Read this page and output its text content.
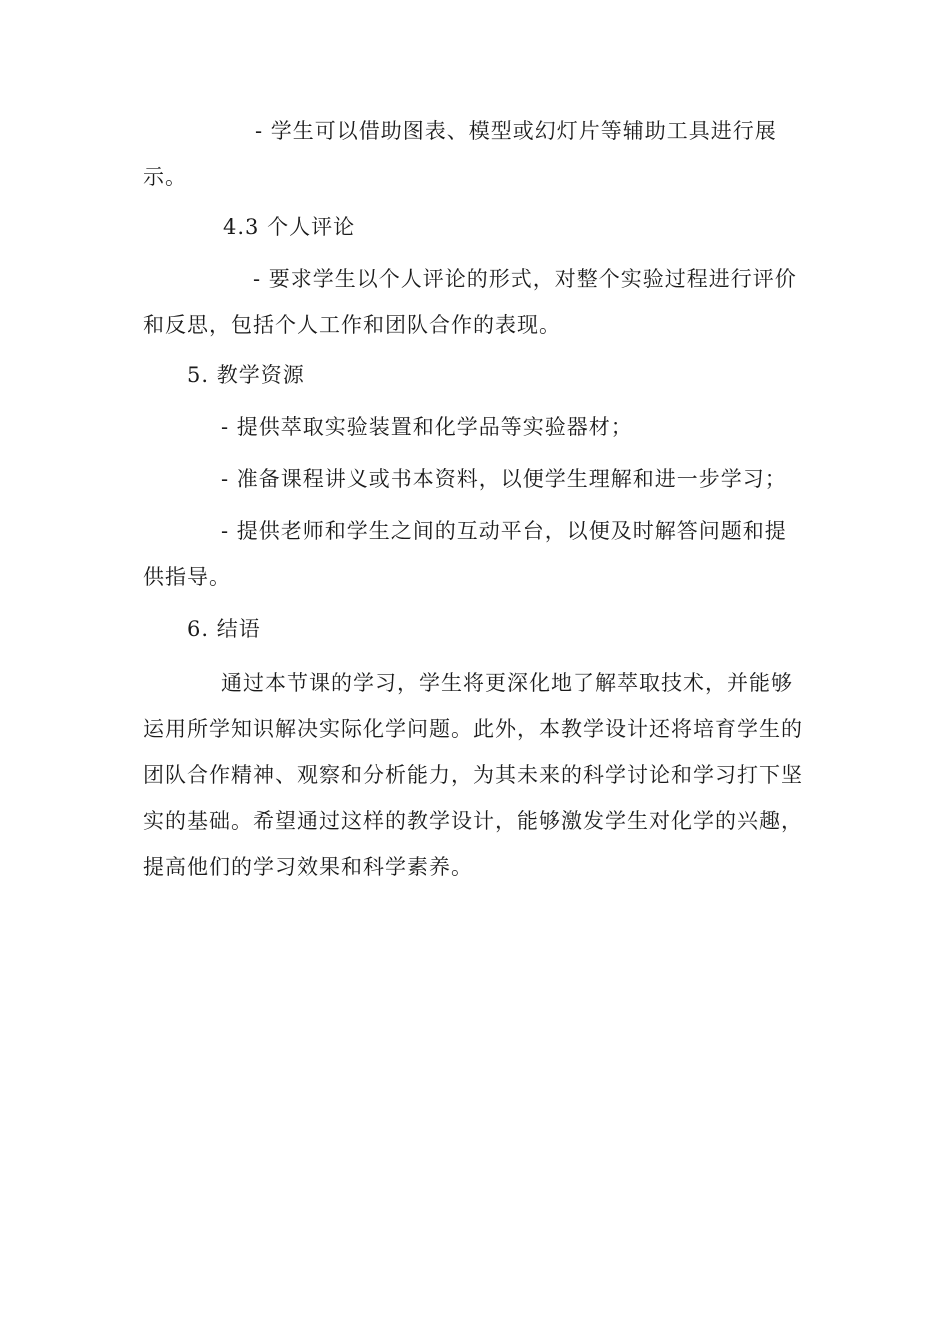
- 学生可以借助图表、模型或幻灯片等辅助工具进行展示。

4.3 个人评论

- 要求学生以个人评论的形式，对整个实验过程进行评价和反思，包括个人工作和团队合作的表现。

5. 教学资源

- 提供萃取实验装置和化学品等实验器材；

- 准备课程讲义或书本资料，以便学生理解和进一步学习；

- 提供老师和学生之间的互动平台，以便及时解答问题和提供指导。

6. 结语

通过本节课的学习，学生将更深化地了解萃取技术，并能够运用所学知识解决实际化学问题。此外，本教学设计还将培育学生的团队合作精神、观察和分析能力，为其未来的科学讨论和学习打下坚实的基础。希望通过这样的教学设计，能够激发学生对化学的兴趣，提高他们的学习效果和科学素养。
